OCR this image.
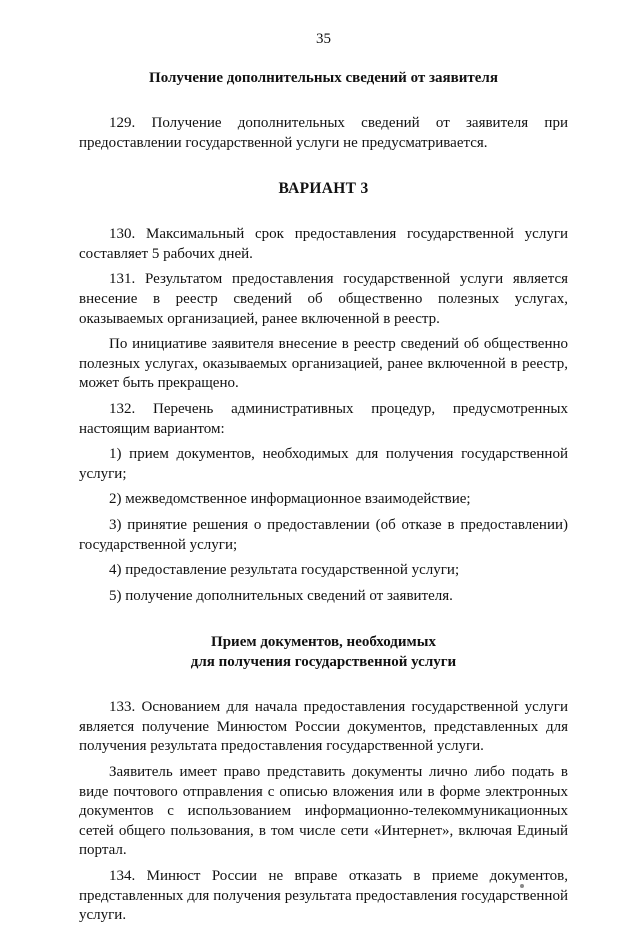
35
Получение дополнительных сведений от заявителя

129. Получение дополнительных сведений от заявителя при предоставлении государственной услуги не предусматривается.

ВАРИАНТ 3

130. Максимальный срок предоставления государственной услуги составляет 5 рабочих дней.

131. Результатом предоставления государственной услуги является внесение в реестр сведений об общественно полезных услугах, оказываемых организацией, ранее включенной в реестр.

По инициативе заявителя внесение в реестр сведений об общественно полезных услугах, оказываемых организацией, ранее включенной в реестр, может быть прекращено.

132. Перечень административных процедур, предусмотренных настоящим вариантом:

1) прием документов, необходимых для получения государственной услуги;

2) межведомственное информационное взаимодействие;

3) принятие решения о предоставлении (об отказе в предоставлении) государственной услуги;

4) предоставление результата государственной услуги;

5) получение дополнительных сведений от заявителя.

Прием документов, необходимых
для получения государственной услуги

133. Основанием для начала предоставления государственной услуги является получение Минюстом России документов, представленных для получения результата предоставления государственной услуги.

Заявитель имеет право представить документы лично либо подать в виде почтового отправления с описью вложения или в форме электронных документов с использованием информационно-телекоммуникационных сетей общего пользования, в том числе сети «Интернет», включая Единый портал.

134. Минюст России не вправе отказать в приеме документов, представленных для получения результата предоставления государственной услуги.
